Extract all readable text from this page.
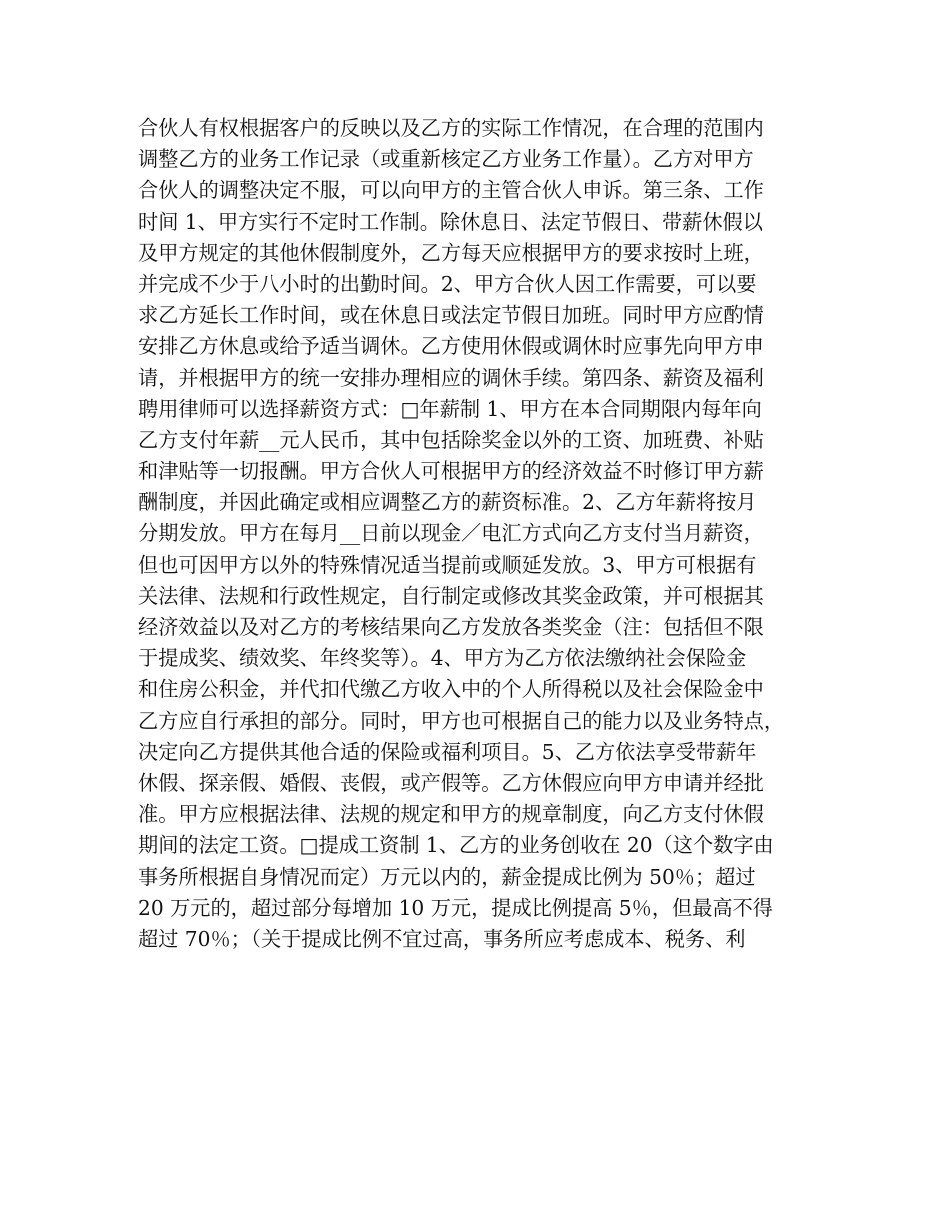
合伙人有权根据客户的反映以及乙方的实际工作情况，在合理的范围内
调整乙方的业务工作记录（或重新核定乙方业务工作量）。乙方对甲方
合伙人的调整决定不服，可以向甲方的主管合伙人申诉。第三条、工作
时间 1、甲方实行不定时工作制。除休息日、法定节假日、带薪休假以
及甲方规定的其他休假制度外，乙方每天应根据甲方的要求按时上班，
并完成不少于八小时的出勤时间。2、甲方合伙人因工作需要，可以要
求乙方延长工作时间，或在休息日或法定节假日加班。同时甲方应酌情
安排乙方休息或给予适当调休。乙方使用休假或调休时应事先向甲方申
请，并根据甲方的统一安排办理相应的调休手续。第四条、薪资及福利
聘用律师可以选择薪资方式：□年薪制 1、甲方在本合同期限内每年向
乙方支付年薪__元人民币，其中包括除奖金以外的工资、加班费、补贴
和津贴等一切报酬。甲方合伙人可根据甲方的经济效益不时修订甲方薪
酬制度，并因此确定或相应调整乙方的薪资标准。2、乙方年薪将按月
分期发放。甲方在每月__日前以现金／电汇方式向乙方支付当月薪资，
但也可因甲方以外的特殊情况适当提前或顺延发放。3、甲方可根据有
关法律、法规和行政性规定，自行制定或修改其奖金政策，并可根据其
经济效益以及对乙方的考核结果向乙方发放各类奖金（注：包括但不限
于提成奖、绩效奖、年终奖等）。4、甲方为乙方依法缴纳社会保险金
和住房公积金，并代扣代缴乙方收入中的个人所得税以及社会保险金中
乙方应自行承担的部分。同时，甲方也可根据自己的能力以及业务特点，
决定向乙方提供其他合适的保险或福利项目。5、乙方依法享受带薪年
休假、探亲假、婚假、丧假，或产假等。乙方休假应向甲方申请并经批
准。甲方应根据法律、法规的规定和甲方的规章制度，向乙方支付休假
期间的法定工资。□提成工资制 1、乙方的业务创收在 20（这个数字由
事务所根据自身情况而定）万元以内的，薪金提成比例为 50％；超过
20 万元的，超过部分每增加 10 万元，提成比例提高 5％，但最高不得
超过 70％；（关于提成比例不宜过高，事务所应考虑成本、税务、利
